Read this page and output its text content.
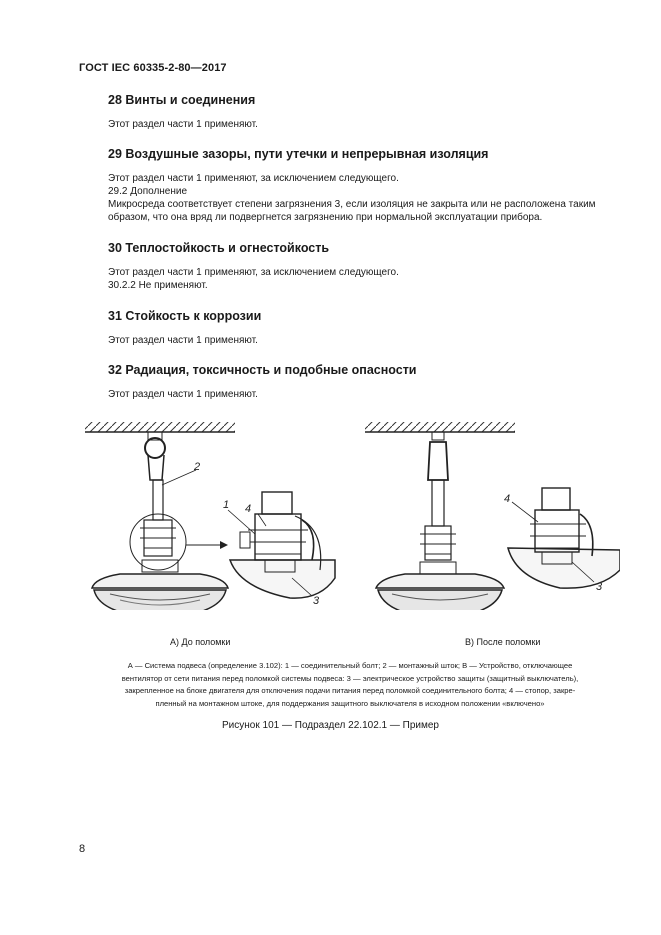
ГОСТ IEC 60335-2-80—2017
28 Винты и соединения
Этот раздел части 1 применяют.
29 Воздушные зазоры, пути утечки и непрерывная изоляция
Этот раздел части 1 применяют, за исключением следующего.
29.2 Дополнение
Микросреда соответствует степени загрязнения 3, если изоляция не закрыта или не расположена таким образом, что она вряд ли подвергнется загрязнению при нормальной эксплуатации прибора.
30 Теплостойкость и огнестойкость
Этот раздел части 1 применяют, за исключением следующего.
30.2.2 Не применяют.
31 Стойкость к коррозии
Этот раздел части 1 применяют.
32 Радиация, токсичность и подобные опасности
Этот раздел части 1 применяют.
2
1 4
3
4
3
А) До поломки	В) После поломки
А — Система подвеса (определение 3.102): 1 — соединительный болт; 2 — монтажный шток; В — Устройство, отключающее
вентилятор от сети питания перед поломкой системы подвеса: 3 — электрическое устройство защиты (защитный выключатель),
закрепленное на блоке двигателя для отключения подачи питания перед поломкой соединительного болта; 4 — стопор, закре-
пленный на монтажном штоке, для поддержания защитного выключателя в исходном положении «включено»
Рисунок 101 — Подраздел 22.102.1 — Пример
8
